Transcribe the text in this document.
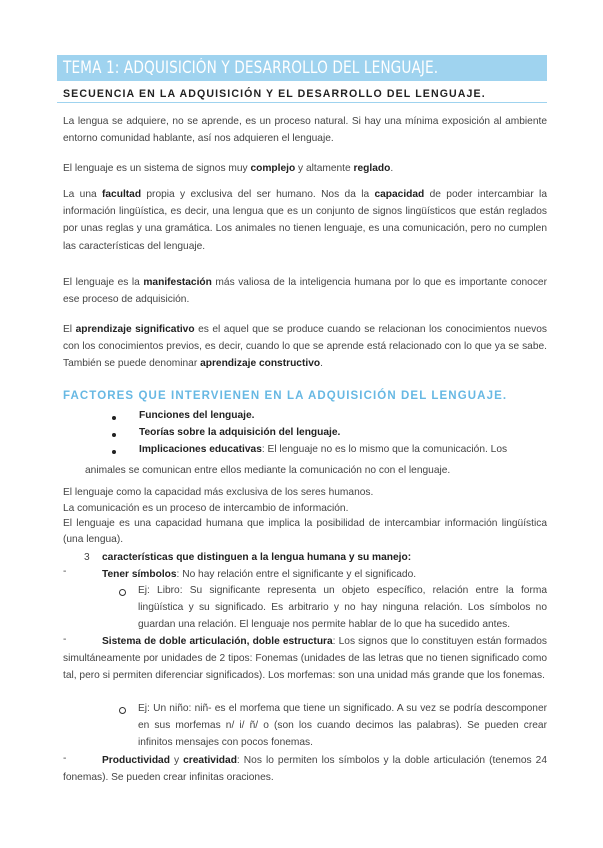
TEMA 1: ADQUISICIÓN Y DESARROLLO DEL LENGUAJE.
SECUENCIA EN LA ADQUISICIÓN Y EL DESARROLLO DEL LENGUAJE.
La lengua se adquiere, no se aprende, es un proceso natural. Si hay una mínima exposición al ambiente entorno comunidad hablante, así nos adquieren el lenguaje.
El lenguaje es un sistema de signos muy complejo y altamente reglado.
La una facultad propia y exclusiva del ser humano. Nos da la capacidad de poder intercambiar la información lingüística, es decir, una lengua que es un conjunto de signos lingüísticos que están reglados por unas reglas y una gramática. Los animales no tienen lenguaje, es una comunicación, pero no cumplen las características del lenguaje.
El lenguaje es la manifestación más valiosa de la inteligencia humana por lo que es importante conocer ese proceso de adquisición.
El aprendizaje significativo es el aquel que se produce cuando se relacionan los conocimientos nuevos con los conocimientos previos, es decir, cuando lo que se aprende está relacionado con lo que ya se sabe. También se puede denominar aprendizaje constructivo.
FACTORES QUE INTERVIENEN EN LA ADQUISICIÓN DEL LENGUAJE.
Funciones del lenguaje.
Teorías sobre la adquisición del lenguaje.
Implicaciones educativas: El lenguaje no es lo mismo que la comunicación. Los
animales se comunican entre ellos mediante la comunicación no con el lenguaje.
El lenguaje como la capacidad más exclusiva de los seres humanos.
La comunicación es un proceso de intercambio de información.
El lenguaje es una capacidad humana que implica la posibilidad de intercambiar información lingüística (una lengua).
3 características que distinguen a la lengua humana y su manejo:
-	Tener símbolos: No hay relación entre el significante y el significado.
Ej: Libro: Su significante representa un objeto específico, relación entre la forma lingüística y su significado. Es arbitrario y no hay ninguna relación. Los símbolos no guardan una relación. El lenguaje nos permite hablar de lo que ha sucedido antes.
-	Sistema de doble articulación, doble estructura: Los signos que lo constituyen están formados simultáneamente por unidades de 2 tipos: Fonemas (unidades de las letras que no tienen significado como tal, pero si permiten diferenciar significados). Los morfemas: son una unidad más grande que los fonemas.
Ej: Un niño: niñ- es el morfema que tiene un significado. A su vez se podría descomponer en sus morfemas n/ i/ ñ/ o (son los cuando decimos las palabras). Se pueden crear infinitos mensajes con pocos fonemas.
-	Productividad y creatividad: Nos lo permiten los símbolos y la doble articulación (tenemos 24 fonemas). Se pueden crear infinitas oraciones.
